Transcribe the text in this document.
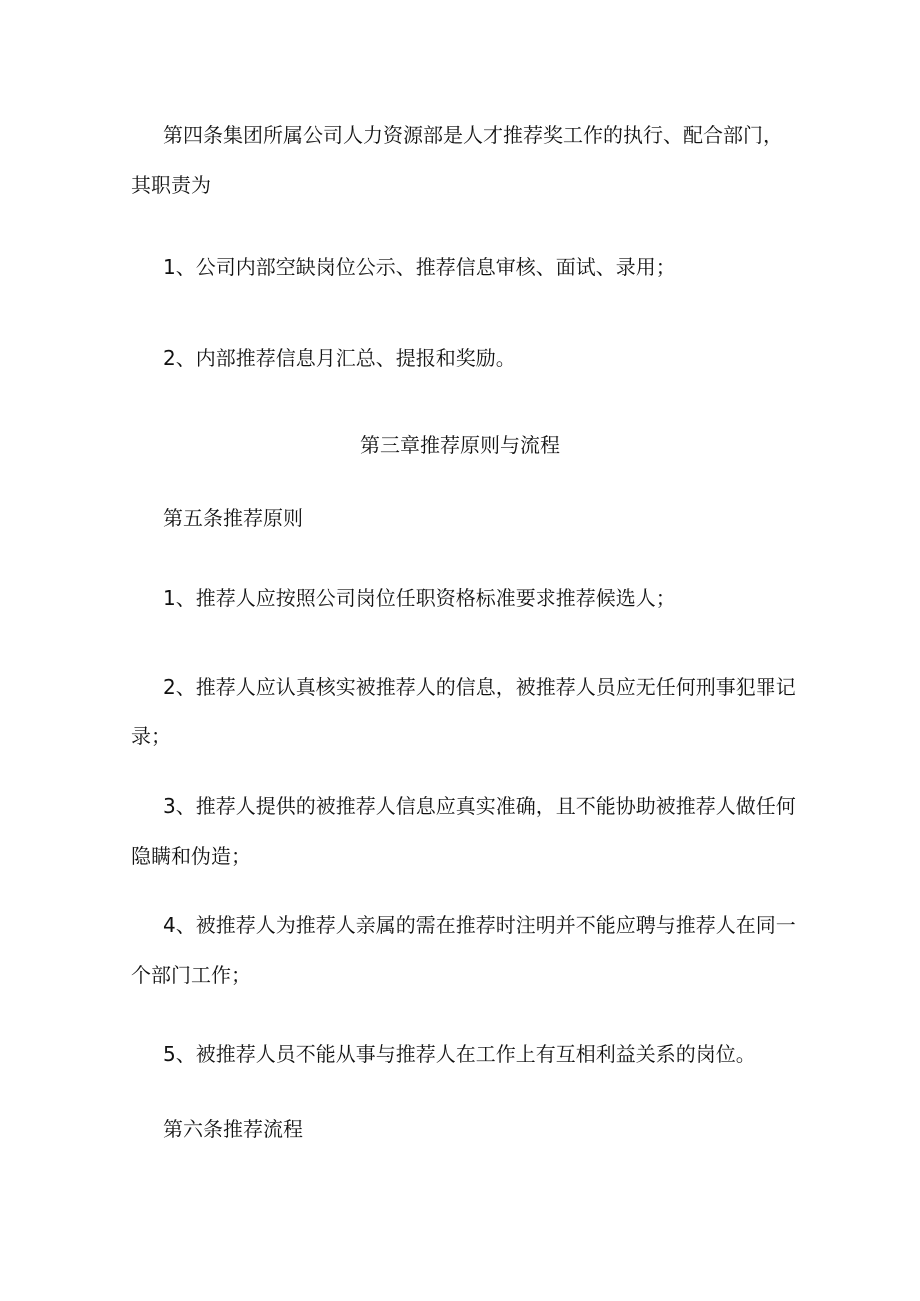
第四条集团所属公司人力资源部是人才推荐奖工作的执行、配合部门，
其职责为
1、公司内部空缺岗位公示、推荐信息审核、面试、录用；
2、内部推荐信息月汇总、提报和奖励。
第三章推荐原则与流程
第五条推荐原则
1、推荐人应按照公司岗位任职资格标准要求推荐候选人；
2、推荐人应认真核实被推荐人的信息，被推荐人员应无任何刑事犯罪记
录；
3、推荐人提供的被推荐人信息应真实准确，且不能协助被推荐人做任何
隐瞒和伪造；
4、被推荐人为推荐人亲属的需在推荐时注明并不能应聘与推荐人在同一
个部门工作；
5、被推荐人员不能从事与推荐人在工作上有互相利益关系的岗位。
第六条推荐流程
